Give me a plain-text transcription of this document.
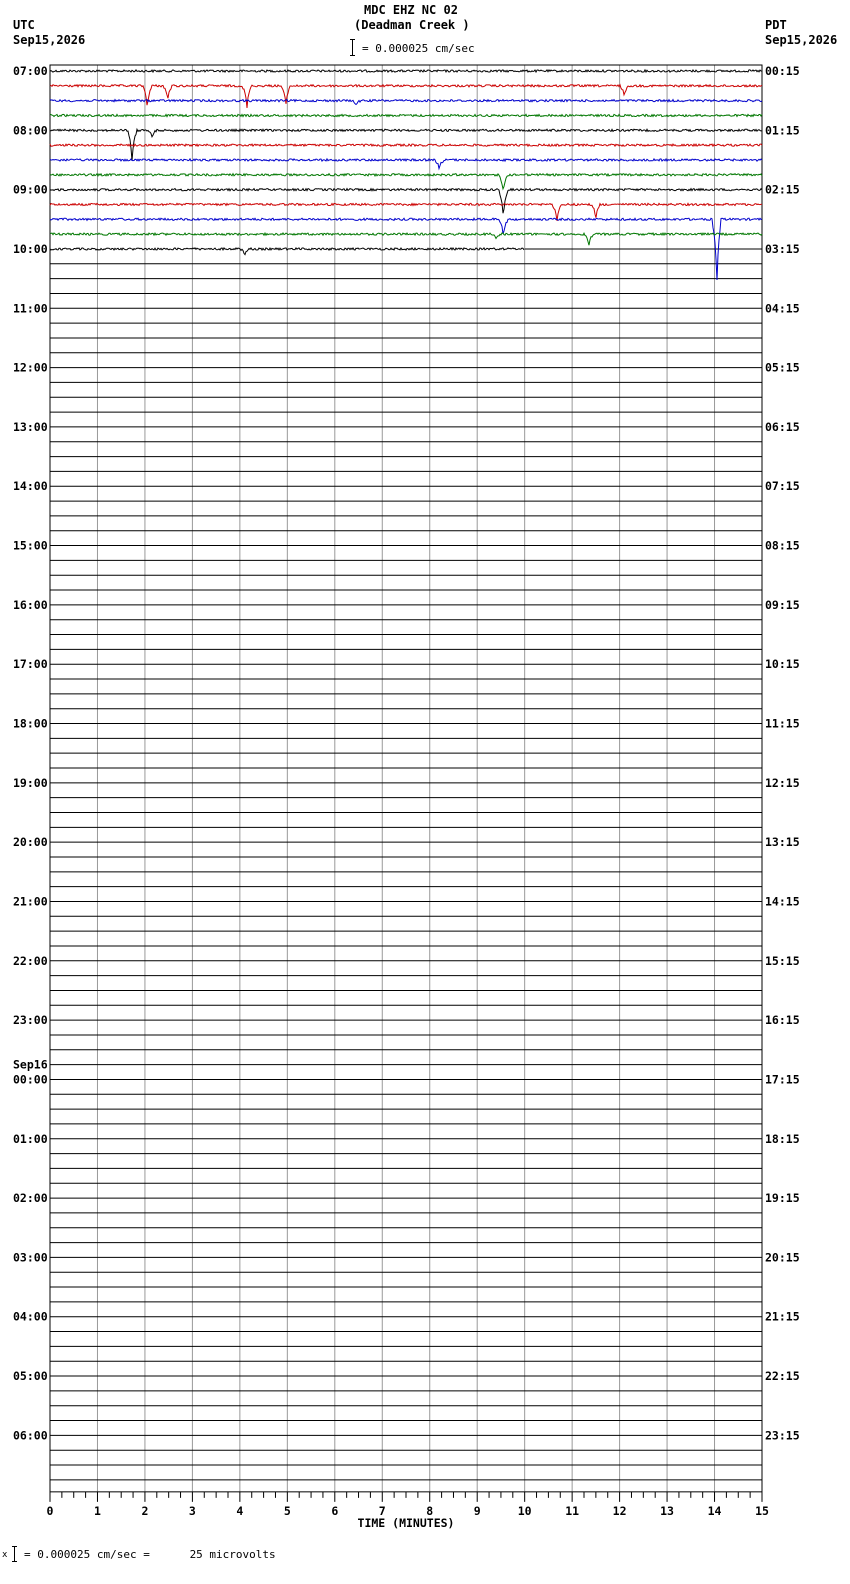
MDC EHZ NC 02
(Deadman Creek )
UTC
Sep15,2026
PDT
Sep15,2026
= 0.000025 cm/sec
07:00	00:15
08:00	01:15
09:00	02:15
10:00	03:15
11:00	04:15
12:00	05:15
13:00	06:15
14:00	07:15
15:00	08:15
16:00	09:15
17:00	10:15
18:00	11:15
19:00	12:15
20:00	13:15
21:00	14:15
22:00	15:15
23:00	16:15
00:00	17:15
Sep16
01:00	18:15
02:00	19:15
03:00	20:15
04:00	21:15
05:00	22:15
06:00	23:15
0	1	2	3	4	5	6	7	8	9	10	11	12	13	14	15
TIME (MINUTES)
x = 0.000025 cm/sec =      25 microvolts
